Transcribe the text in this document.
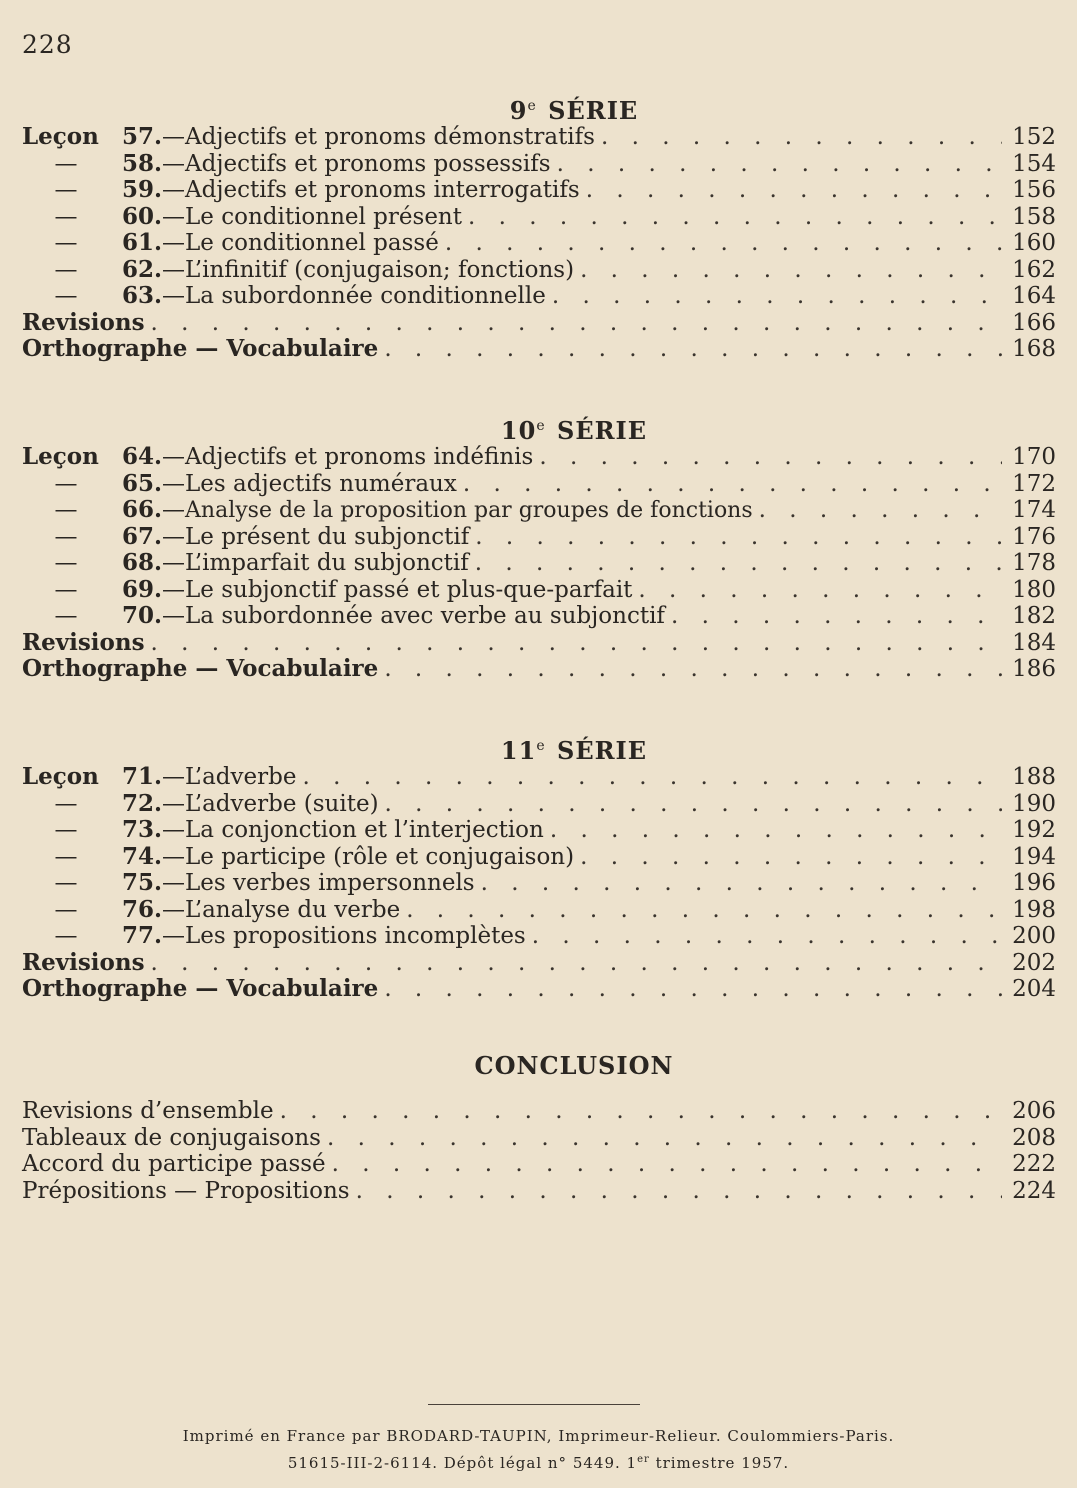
228
9e SÉRIE
Leçon 57. — Adjectifs et pronoms démonstratifs . . .	152
— 58. — Adjectifs et pronoms possessifs . . .	154
— 59. — Adjectifs et pronoms interrogatifs . . .	156
— 60. — Le conditionnel présent . . .	158
— 61. — Le conditionnel passé . . .	160
— 62. — L’infinitif (conjugaison; fonctions) . . .	162
— 63. — La subordonnée conditionnelle . . .	164
Revisions . . .	166
Orthographe — Vocabulaire . . .	168
10e SÉRIE
Leçon 64. — Adjectifs et pronoms indéfinis . . .	170
— 65. — Les adjectifs numéraux . . .	172
— 66. — Analyse de la proposition par groupes de fonctions . . .	174
— 67. — Le présent du subjonctif . . .	176
— 68. — L’imparfait du subjonctif . . .	178
— 69. — Le subjonctif passé et plus-que-parfait . . .	180
— 70. — La subordonnée avec verbe au subjonctif . . .	182
Revisions . . .	184
Orthographe — Vocabulaire . . .	186
11e SÉRIE
Leçon 71. — L’adverbe . . .	188
— 72. — L’adverbe (suite) . . .	190
— 73. — La conjonction et l’interjection . . .	192
— 74. — Le participe (rôle et conjugaison) . . .	194
— 75. — Les verbes impersonnels . . .	196
— 76. — L’analyse du verbe . . .	198
— 77. — Les propositions incomplètes . . .	200
Revisions . . .	202
Orthographe — Vocabulaire . . .	204
CONCLUSION
Revisions d’ensemble . . .	206
Tableaux de conjugaisons . . .	208
Accord du participe passé . . .	222
Prépositions — Propositions . . .	224
Imprimé en France par BRODARD-TAUPIN, Imprimeur-Relieur. Coulommiers-Paris.
51615-III-2-6114. Dépôt légal n° 5449. 1er trimestre 1957.
